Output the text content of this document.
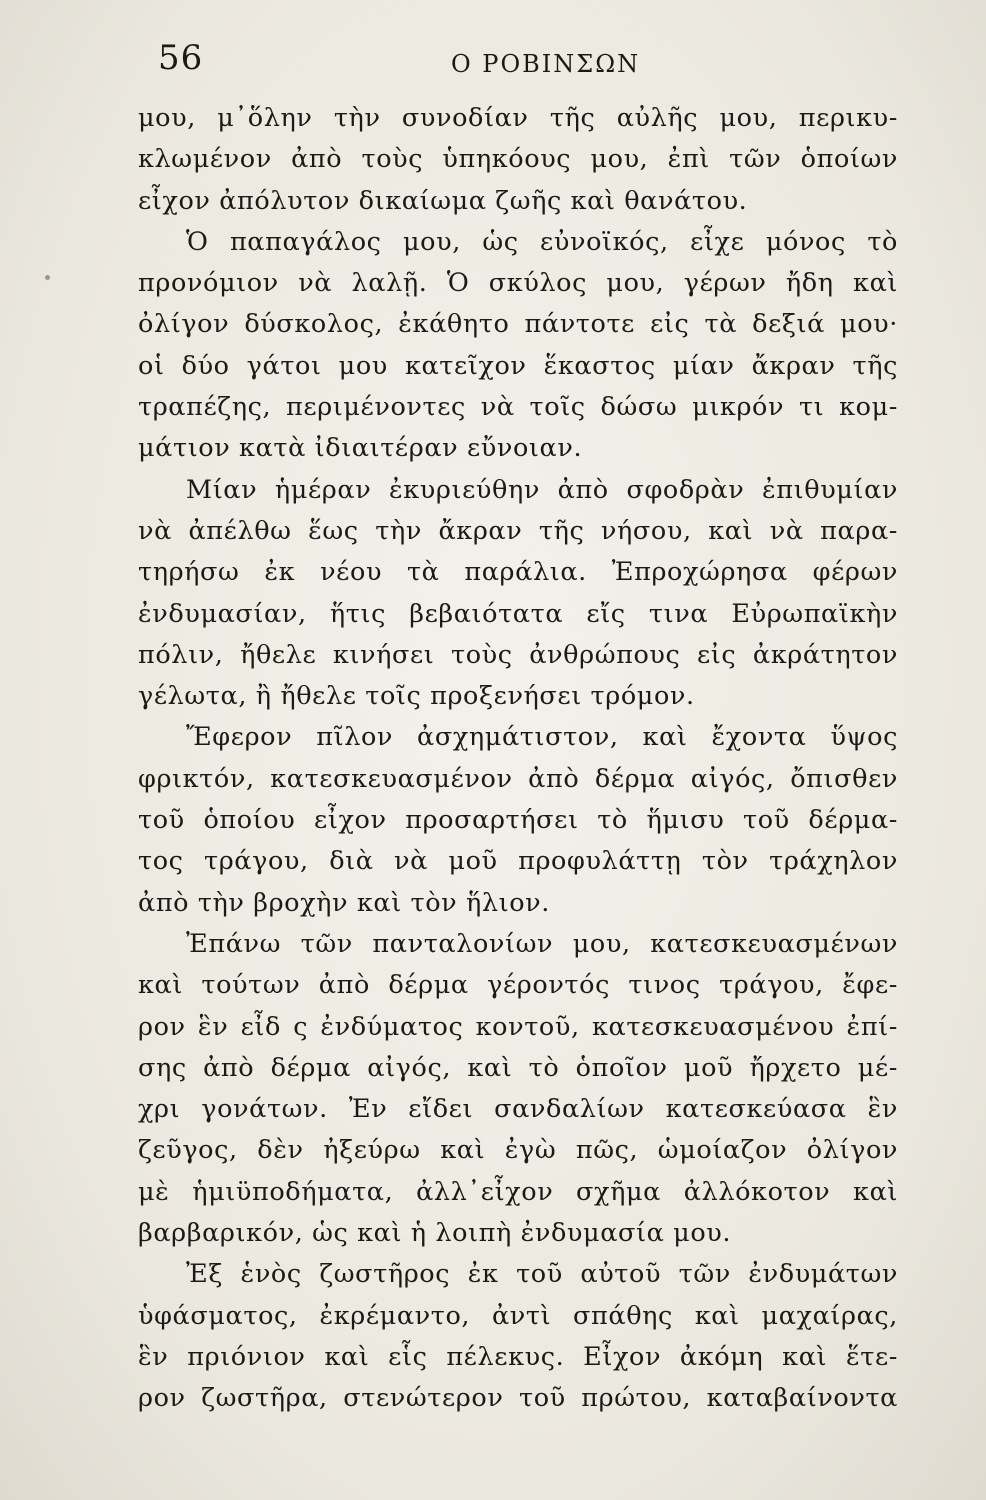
56	Ο ΡΟΒΙΝΣΩΝ
μου, μ᾽ὅλην τὴν συνοδίαν τῆς αὐλῆς μου, περικυ-
κλωμένον ἀπὸ τοὺς ὑπηκόους μου, ἐπὶ τῶν ὁποίων
εἶχον ἀπόλυτον δικαίωμα ζωῆς καὶ θανάτου.
Ὁ παπαγάλος μου, ὡς εὐνοϊκός, εἶχε μόνος τὸ
προνόμιον νὰ λαλῇ. Ὁ σκύλος μου, γέρων ἤδη καὶ
ὀλίγον δύσκολος, ἐκάθητο πάντοτε εἰς τὰ δεξιά μου·
οἱ δύο γάτοι μου κατεῖχον ἕκαστος μίαν ἄκραν τῆς
τραπέζης, περιμένοντες νὰ τοῖς δώσω μικρόν τι κομ-
μάτιον κατὰ ἰδιαιτέραν εὔνοιαν.
Μίαν ἡμέραν ἐκυριεύθην ἀπὸ σφοδρὰν ἐπιθυμίαν
νὰ ἀπέλθω ἕως τὴν ἄκραν τῆς νήσου, καὶ νὰ παρα-
τηρήσω ἐκ νέου τὰ παράλια. Ἐπροχώρησα φέρων
ἐνδυμασίαν, ἥτις βεβαιότατα εἴς τινα Εὐρωπαϊκὴν
πόλιν, ἤθελε κινήσει τοὺς ἀνθρώπους εἰς ἀκράτητον
γέλωτα, ἢ ἤθελε τοῖς προξενήσει τρόμον.
Ἔφερον πῖλον ἀσχημάτιστον, καὶ ἔχοντα ὕψος
φρικτόν, κατεσκευασμένον ἀπὸ δέρμα αἰγός, ὄπισθεν
τοῦ ὁποίου εἶχον προσαρτήσει τὸ ἥμισυ τοῦ δέρμα-
τος τράγου, διὰ νὰ μοῦ προφυλάττῃ τὸν τράχηλον
ἀπὸ τὴν βροχὴν καὶ τὸν ἥλιον.
Ἐπάνω τῶν πανταλονίων μου, κατεσκευασμένων
καὶ τούτων ἀπὸ δέρμα γέροντός τινος τράγου, ἔφε-
ρον ἓν εἶδ ς ἐνδύματος κοντοῦ, κατεσκευασμένου ἐπί-
σης ἀπὸ δέρμα αἰγός, καὶ τὸ ὁποῖον μοῦ ἤρχετο μέ-
χρι γονάτων. Ἐν εἴδει σανδαλίων κατεσκεύασα ἓν
ζεῦγος, δὲν ἠξεύρω καὶ ἐγὼ πῶς, ὡμοίαζον ὀλίγον
μὲ ἡμιϋποδήματα, ἀλλ᾽εἶχον σχῆμα ἀλλόκοτον καὶ
βαρβαρικόν, ὡς καὶ ἡ λοιπὴ ἐνδυμασία μου.
Ἐξ ἑνὸς ζωστῆρος ἐκ τοῦ αὐτοῦ τῶν ἐνδυμάτων
ὑφάσματος, ἐκρέμαντο, ἀντὶ σπάθης καὶ μαχαίρας,
ἓν πριόνιον καὶ εἷς πέλεκυς. Εἶχον ἀκόμη καὶ ἕτε-
ρον ζωστῆρα, στενώτερον τοῦ πρώτου, καταβαίνοντα
